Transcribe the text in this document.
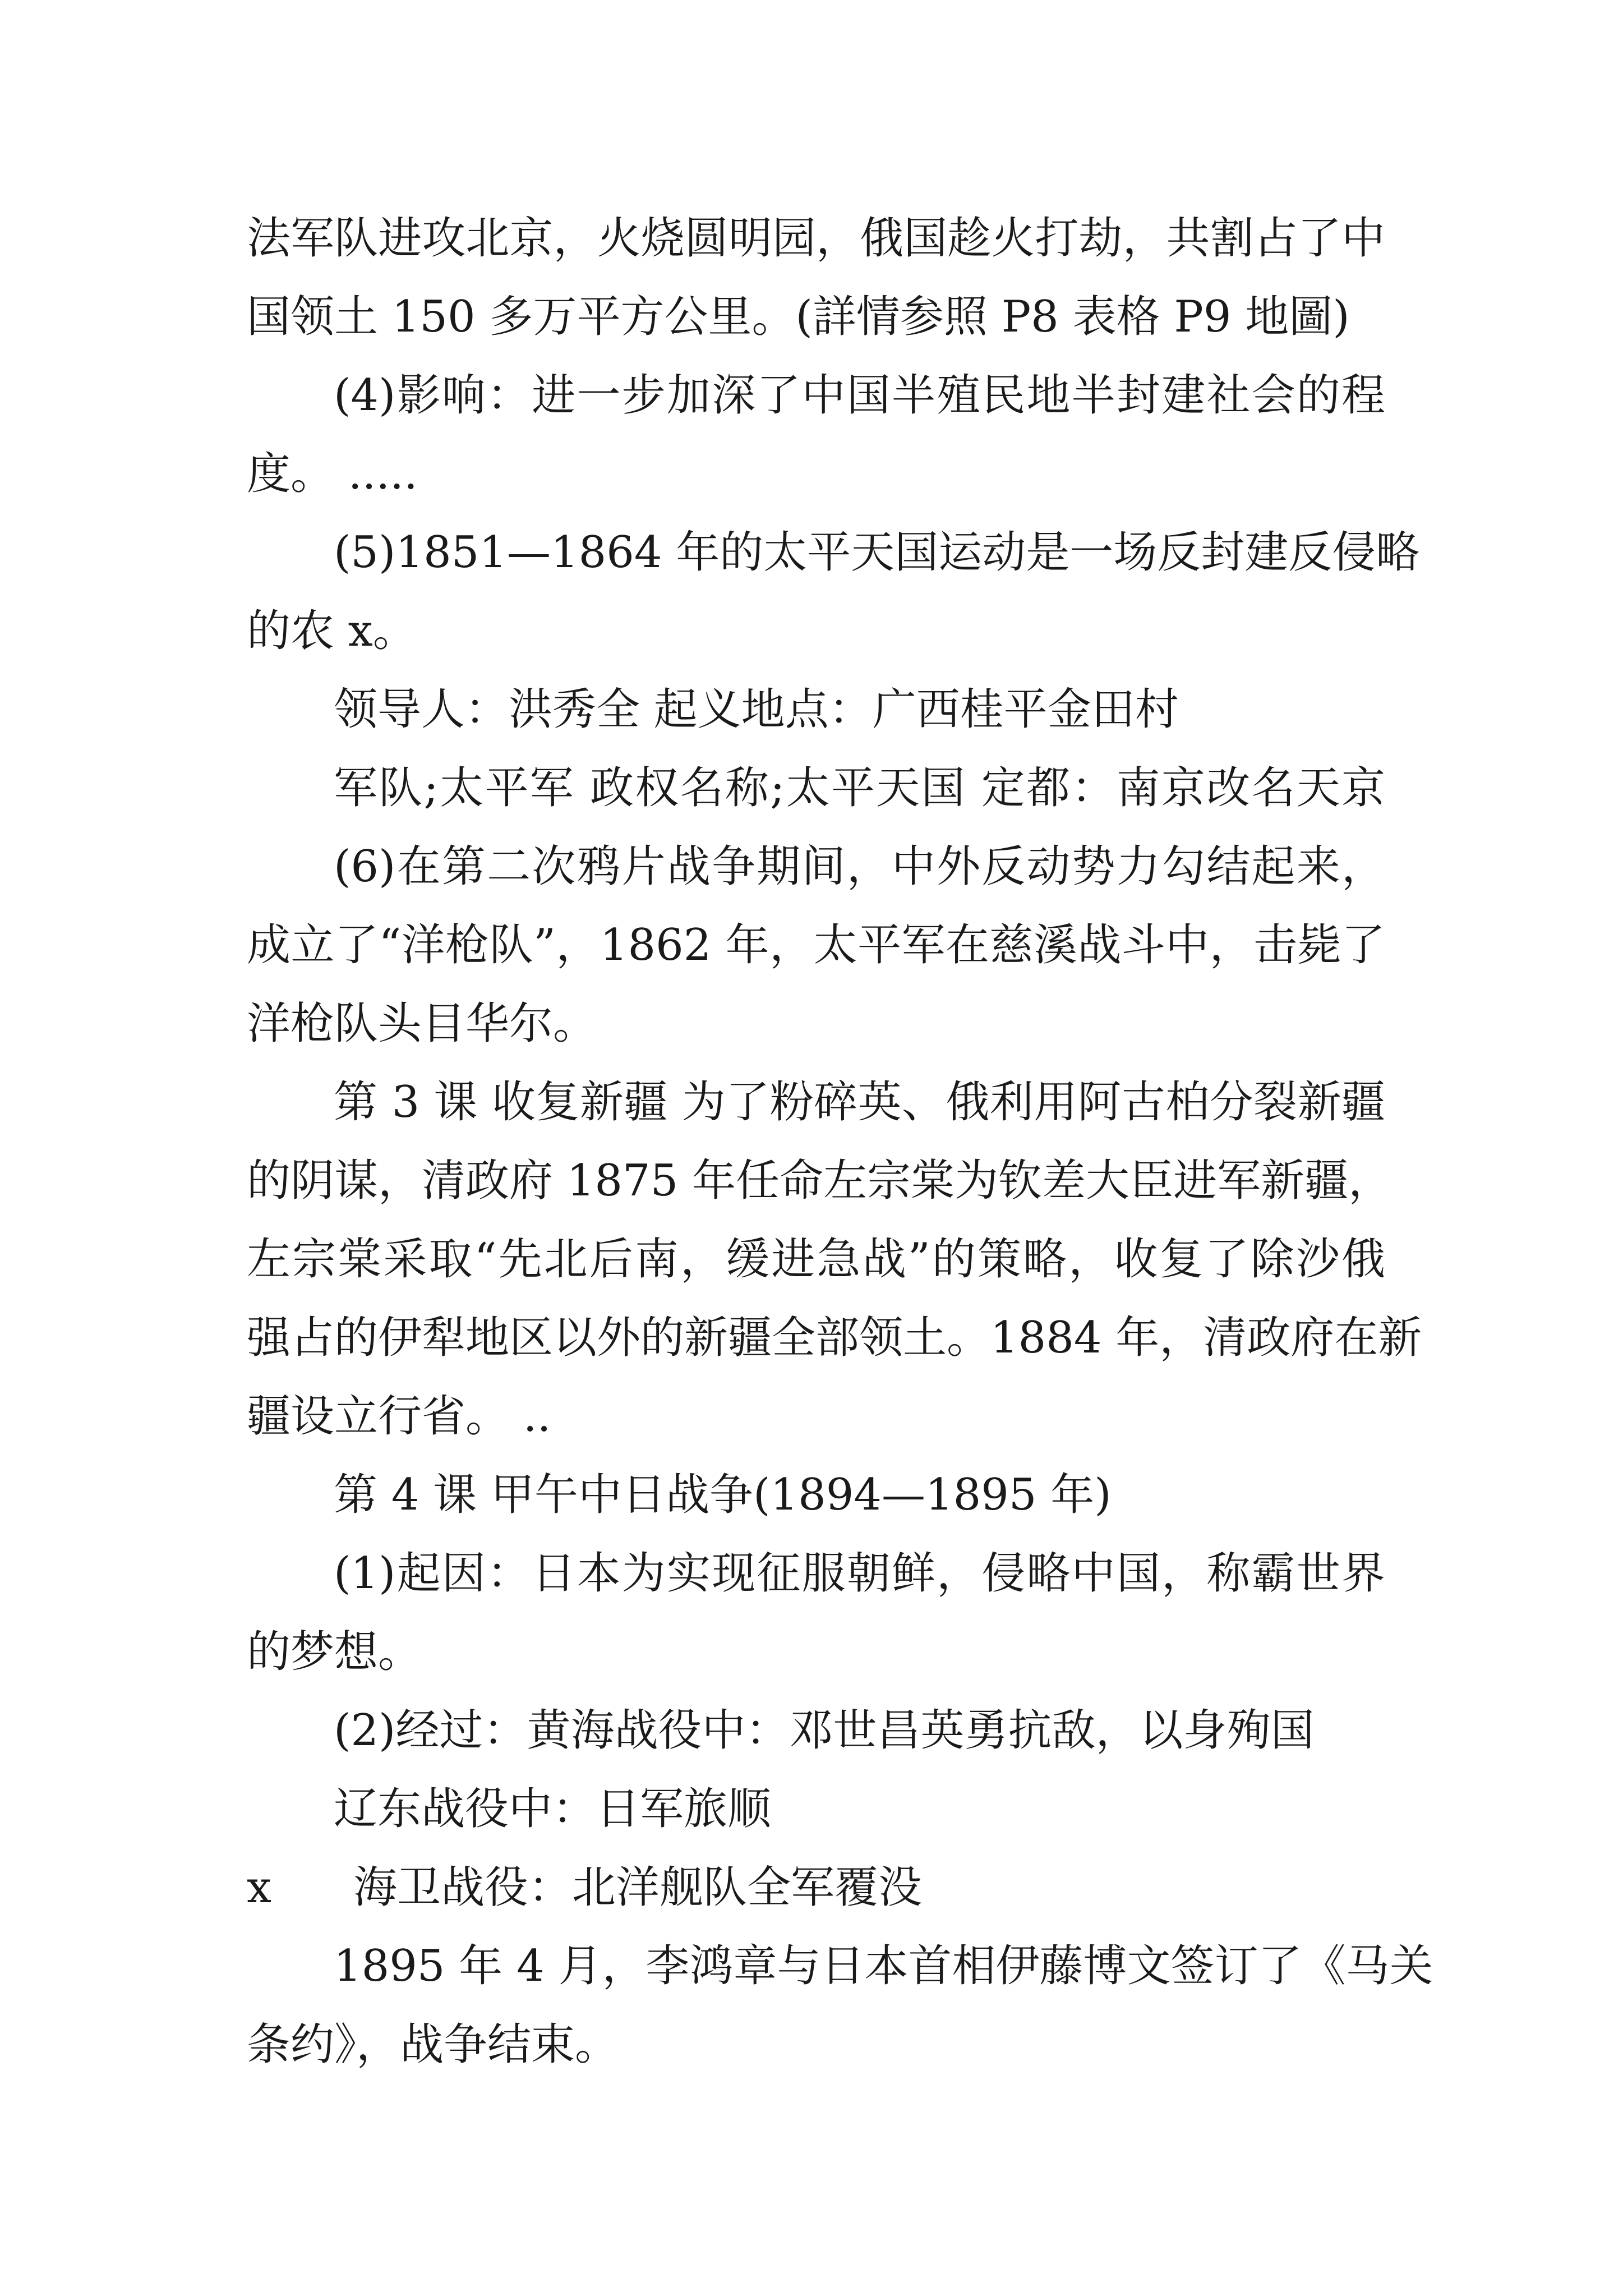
法军队进攻北京，火烧圆明园，俄国趁火打劫，共割占了中
国领土 150 多万平方公里。(詳情参照 P8 表格 P9 地圖)
(4)影响：进一步加深了中国半殖民地半封建社会的程
度。 .....
(5)1851—1864 年的太平天国运动是一场反封建反侵略
的农 x。
领导人：洪秀全 起义地点：广西桂平金田村
军队;太平军 政权名称;太平天国 定都：南京改名天京
(6)在第二次鸦片战争期间，中外反动势力勾结起来，
成立了“洋枪队”，1862 年，太平军在慈溪战斗中，击毙了
洋枪队头目华尔。
第 3 课 收复新疆 为了粉碎英、俄利用阿古柏分裂新疆
的阴谋，清政府 1875 年任命左宗棠为钦差大臣进军新疆，
左宗棠采取“先北后南，缓进急战”的策略，收复了除沙俄
强占的伊犁地区以外的新疆全部领土。1884 年，清政府在新
疆设立行省。 ..
第 4 课 甲午中日战争(1894—1895 年)
(1)起因：日本为实现征服朝鲜，侵略中国，称霸世界
的梦想。
(2)经过：黄海战役中：邓世昌英勇抗敌，以身殉国
辽东战役中：日军旅顺
x 海卫战役：北洋舰队全军覆没
1895 年 4 月，李鸿章与日本首相伊藤博文签订了《马关
条约》，战争结束。
